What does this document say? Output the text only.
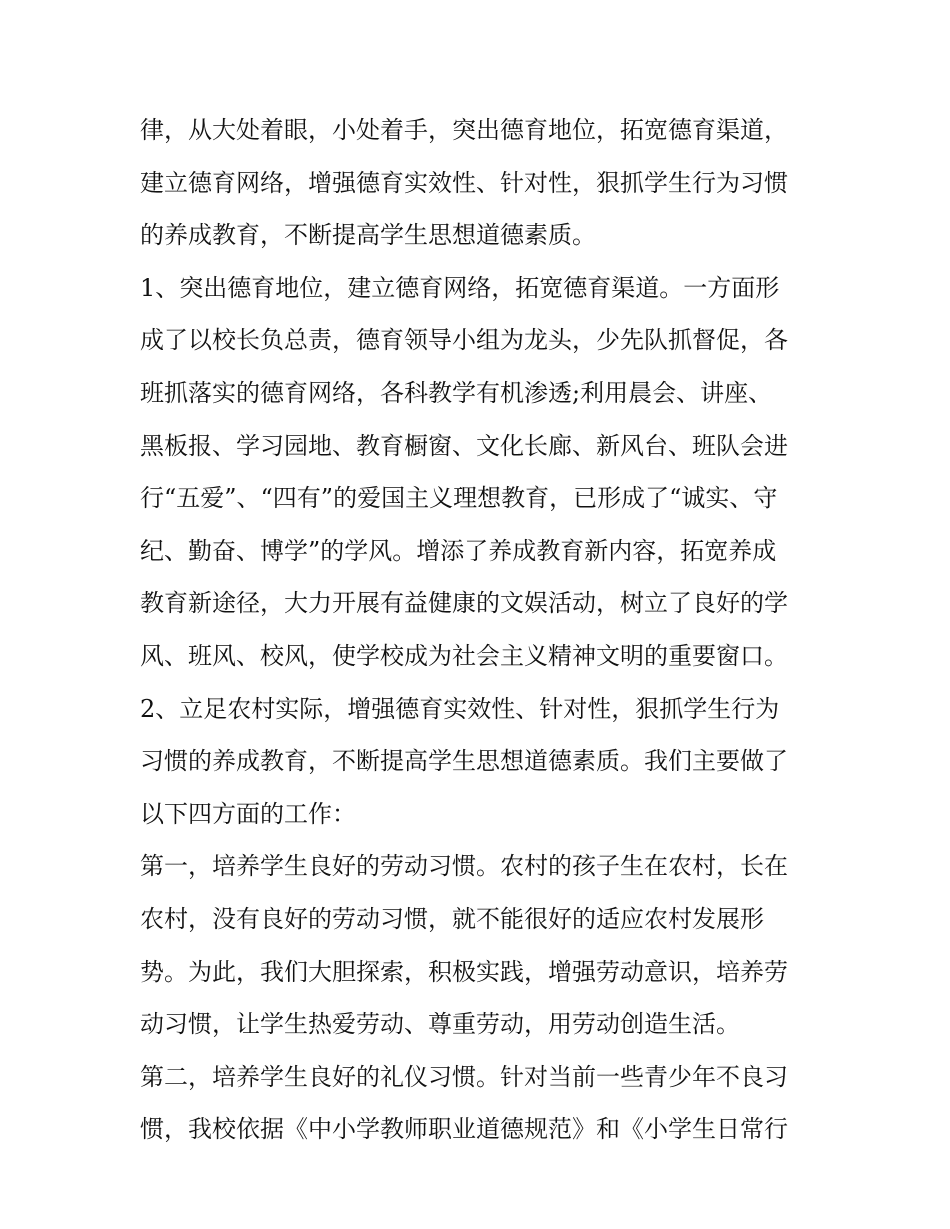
律，从大处着眼，小处着手，突出德育地位，拓宽德育渠道，
建立德育网络，增强德育实效性、针对性，狠抓学生行为习惯
的养成教育，不断提高学生思想道德素质。
1、突出德育地位，建立德育网络，拓宽德育渠道。一方面形
成了以校长负总责，德育领导小组为龙头，少先队抓督促，各
班抓落实的德育网络，各科教学有机渗透;利用晨会、讲座、
黑板报、学习园地、教育橱窗、文化长廊、新风台、班队会进
行“五爱”、“四有”的爱国主义理想教育，已形成了“诚实、守
纪、勤奋、博学”的学风。增添了养成教育新内容，拓宽养成
教育新途径，大力开展有益健康的文娱活动，树立了良好的学
风、班风、校风，使学校成为社会主义精神文明的重要窗口。
2、立足农村实际，增强德育实效性、针对性，狠抓学生行为
习惯的养成教育，不断提高学生思想道德素质。我们主要做了
以下四方面的工作：
第一，培养学生良好的劳动习惯。农村的孩子生在农村，长在
农村，没有良好的劳动习惯，就不能很好的适应农村发展形
势。为此，我们大胆探索，积极实践，增强劳动意识，培养劳
动习惯，让学生热爱劳动、尊重劳动，用劳动创造生活。
第二，培养学生良好的礼仪习惯。针对当前一些青少年不良习
惯，我校依据《中小学教师职业道德规范》和《小学生日常行
